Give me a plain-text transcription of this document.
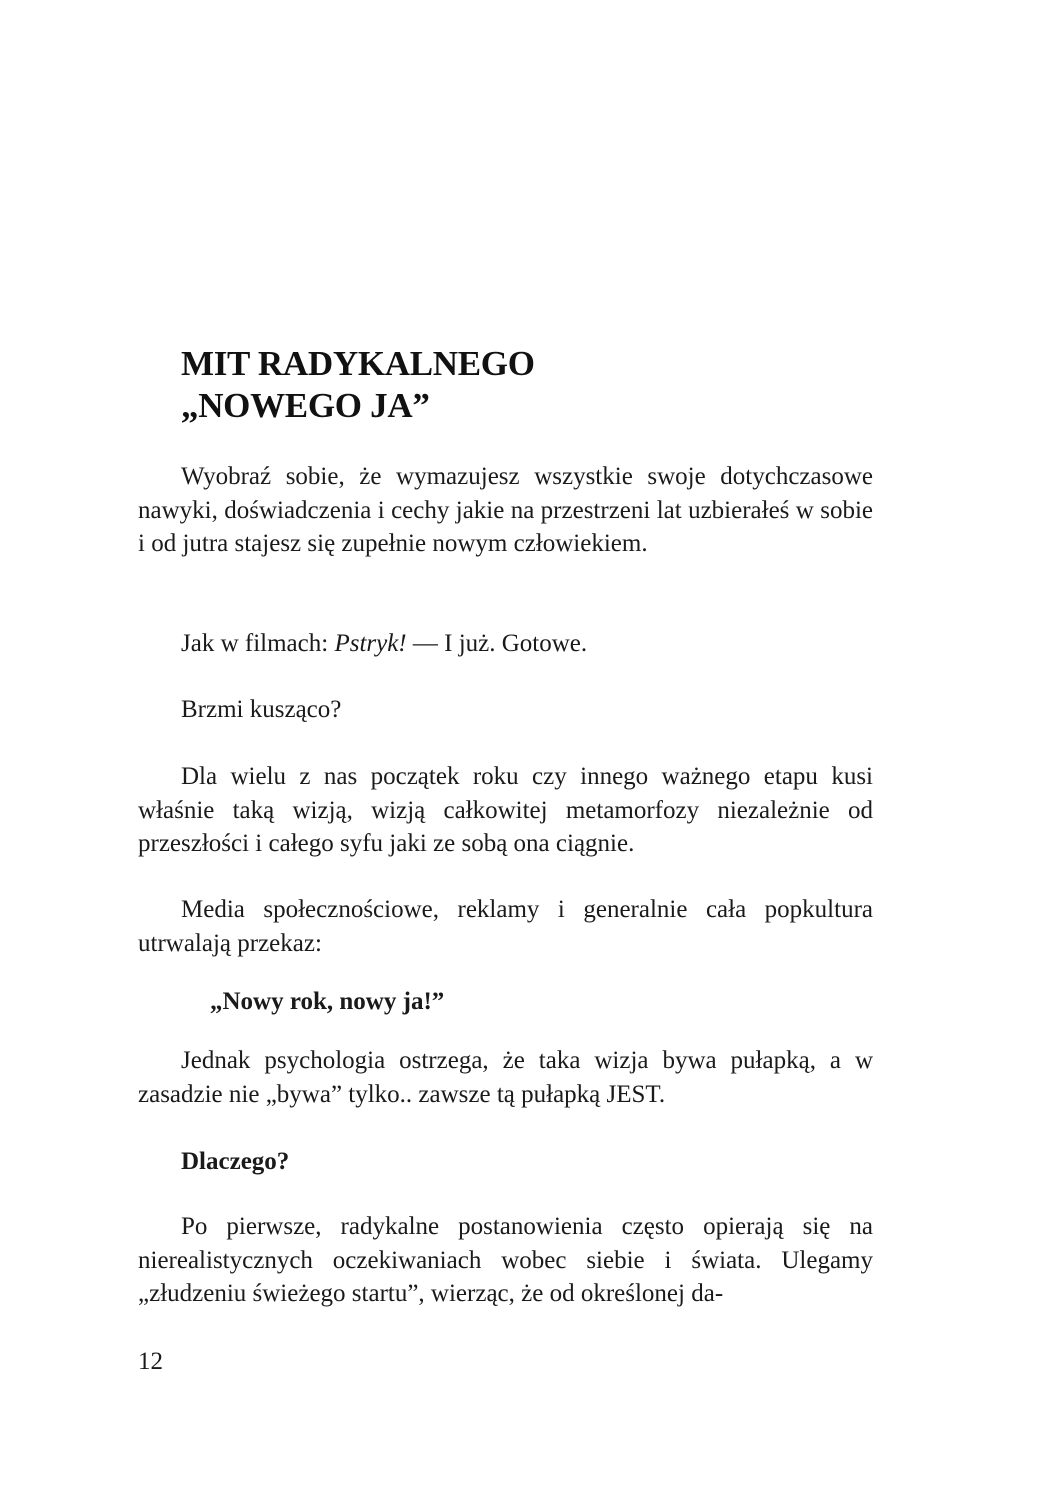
MIT RADYKALNEGO
„NOWEGO JA”

Wyobraź sobie, że wymazujesz wszystkie swoje dotychczasowe nawyki, doświadczenia i cechy jakie na przestrzeni lat uzbierałeś w sobie i od jutra stajesz się zupełnie nowym człowiekiem.

Jak w filmach: Pstryk! — I już. Gotowe.

Brzmi kusząco?

Dla wielu z nas początek roku czy innego ważnego etapu kusi właśnie taką wizją, wizją całkowitej metamorfozy niezależnie od przeszłości i całego syfu jaki ze sobą ona ciągnie.

Media społecznościowe, reklamy i generalnie cała popkultura utrwalają przekaz:

„Nowy rok, nowy ja!”

Jednak psychologia ostrzega, że taka wizja bywa pułapką, a w zasadzie nie „bywa” tylko.. zawsze tą pułapką JEST.

Dlaczego?

Po pierwsze, radykalne postanowienia często opierają się na nierealistycznych oczekiwaniach wobec siebie i świata. Ulegamy „złudzeniu świeżego startu”, wierząc, że od określonej da-

12
